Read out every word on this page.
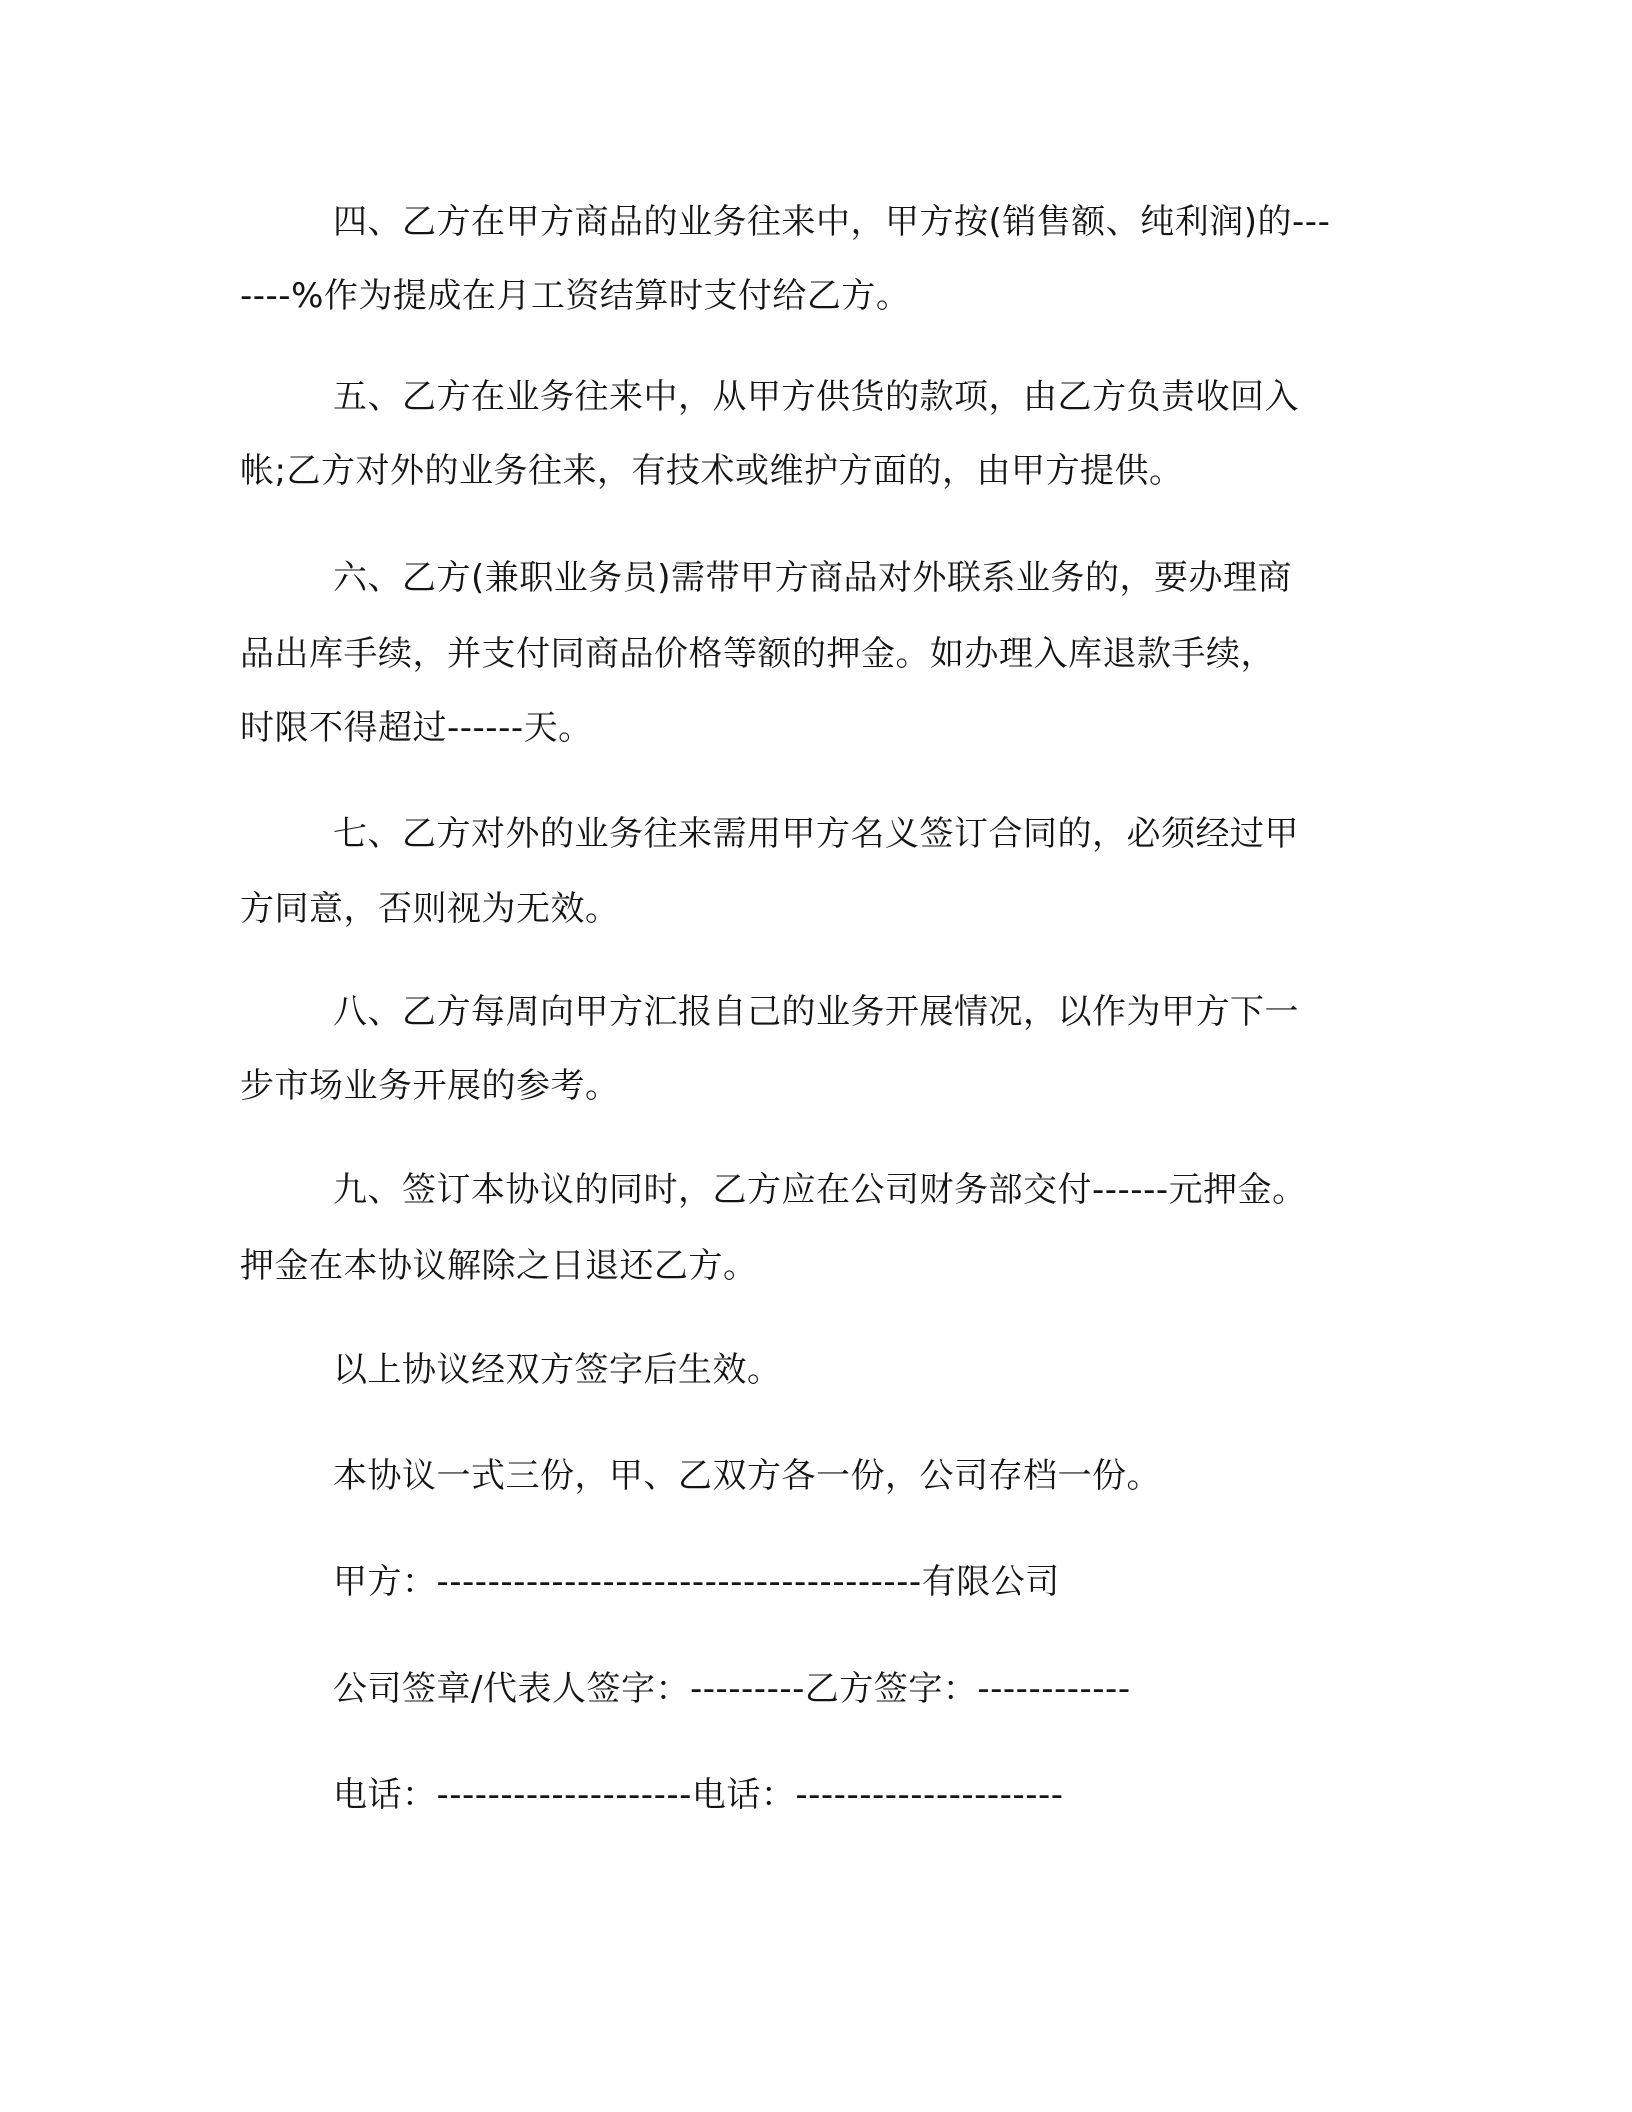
四、乙方在甲方商品的业务往来中，甲方按(销售额、纯利润)的---
----%作为提成在月工资结算时支付给乙方。
五、乙方在业务往来中，从甲方供货的款项，由乙方负责收回入
帐;乙方对外的业务往来，有技术或维护方面的，由甲方提供。
六、乙方(兼职业务员)需带甲方商品对外联系业务的，要办理商
品出库手续，并支付同商品价格等额的押金。如办理入库退款手续，
时限不得超过------天。
七、乙方对外的业务往来需用甲方名义签订合同的，必须经过甲
方同意，否则视为无效。
八、乙方每周向甲方汇报自己的业务开展情况，以作为甲方下一
步市场业务开展的参考。
九、签订本协议的同时，乙方应在公司财务部交付------元押金。
押金在本协议解除之日退还乙方。
以上协议经双方签字后生效。
本协议一式三份，甲、乙双方各一份，公司存档一份。
甲方：--------------------------------------有限公司
公司签章/代表人签字：---------乙方签字：------------
电话：--------------------电话：---------------------
